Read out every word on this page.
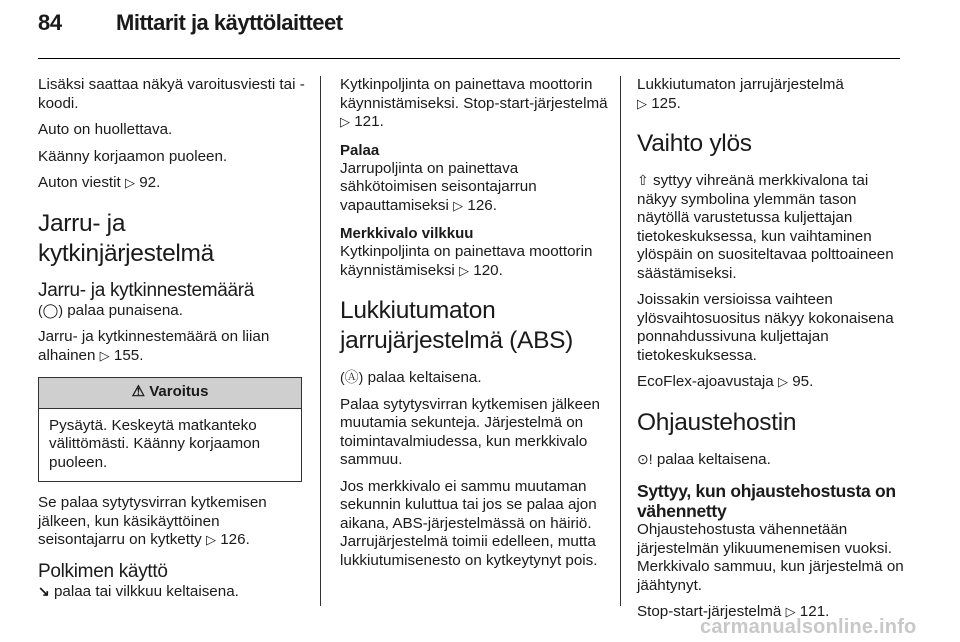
84 Mittarit ja käyttölaitteet

Lisäksi saattaa näkyä varoitusviesti tai -koodi.

Auto on huollettava.

Käänny korjaamon puoleen.

Auton viestit ▷ 92.

Jarru- ja kytkinjärjestelmä
Jarru- ja kytkinnestemäärä

(◯) palaa punaisena.

Jarru- ja kytkinnestemäärä on liian alhainen ▷ 155.

⚠ Varoitus
Pysäytä. Keskeytä matkanteko välittömästi. Käänny korjaamon puoleen.

Se palaa sytytysvirran kytkemisen jälkeen, kun käsikäyttöinen seisontajarru on kytketty ▷ 126.

Polkimen käyttö

↘ palaa tai vilkkuu keltaisena.

Kytkinpoljinta on painettava moottorin käynnistämiseksi. Stop-start-järjestelmä ▷ 121.

Palaa

Jarrupoljinta on painettava sähkötoimisen seisontajarrun vapauttamiseksi ▷ 126.

Merkkivalo vilkkuu

Kytkinpoljinta on painettava moottorin käynnistämiseksi ▷ 120.

Lukkiutumaton jarrujärjestelmä (ABS)

(Ⓐ) palaa keltaisena.

Palaa sytytysvirran kytkemisen jälkeen muutamia sekunteja. Järjestelmä on toimintavalmiudessa, kun merkkivalo sammuu.

Jos merkkivalo ei sammu muutaman sekunnin kuluttua tai jos se palaa ajon aikana, ABS-järjestelmässä on häiriö. Jarrujärjestelmä toimii edelleen, mutta lukkiutumisenesto on kytkeytynyt pois.

Lukkiutumaton jarrujärjestelmä
▷ 125.

Vaihto ylös

⇧ syttyy vihreänä merkkivalona tai näkyy symbolina ylemmän tason näytöllä varustetussa kuljettajan tietokeskuksessa, kun vaihtaminen ylöspäin on suositeltavaa polttoaineen säästämiseksi.

Joissakin versioissa vaihteen ylösvaihtosuositus näkyy kokonaisena ponnahdussivuna kuljettajan tietokeskuksessa.

EcoFlex-ajoavustaja ▷ 95.

Ohjaustehostin

⊙! palaa keltaisena.

Syttyy, kun ohjaustehostusta on vähennetty

Ohjaustehostusta vähennetään järjestelmän ylikuumenemisen vuoksi. Merkkivalo sammuu, kun järjestelmä on jäähtynyt.

Stop-start-järjestelmä ▷ 121.

carmanualsonline.info
